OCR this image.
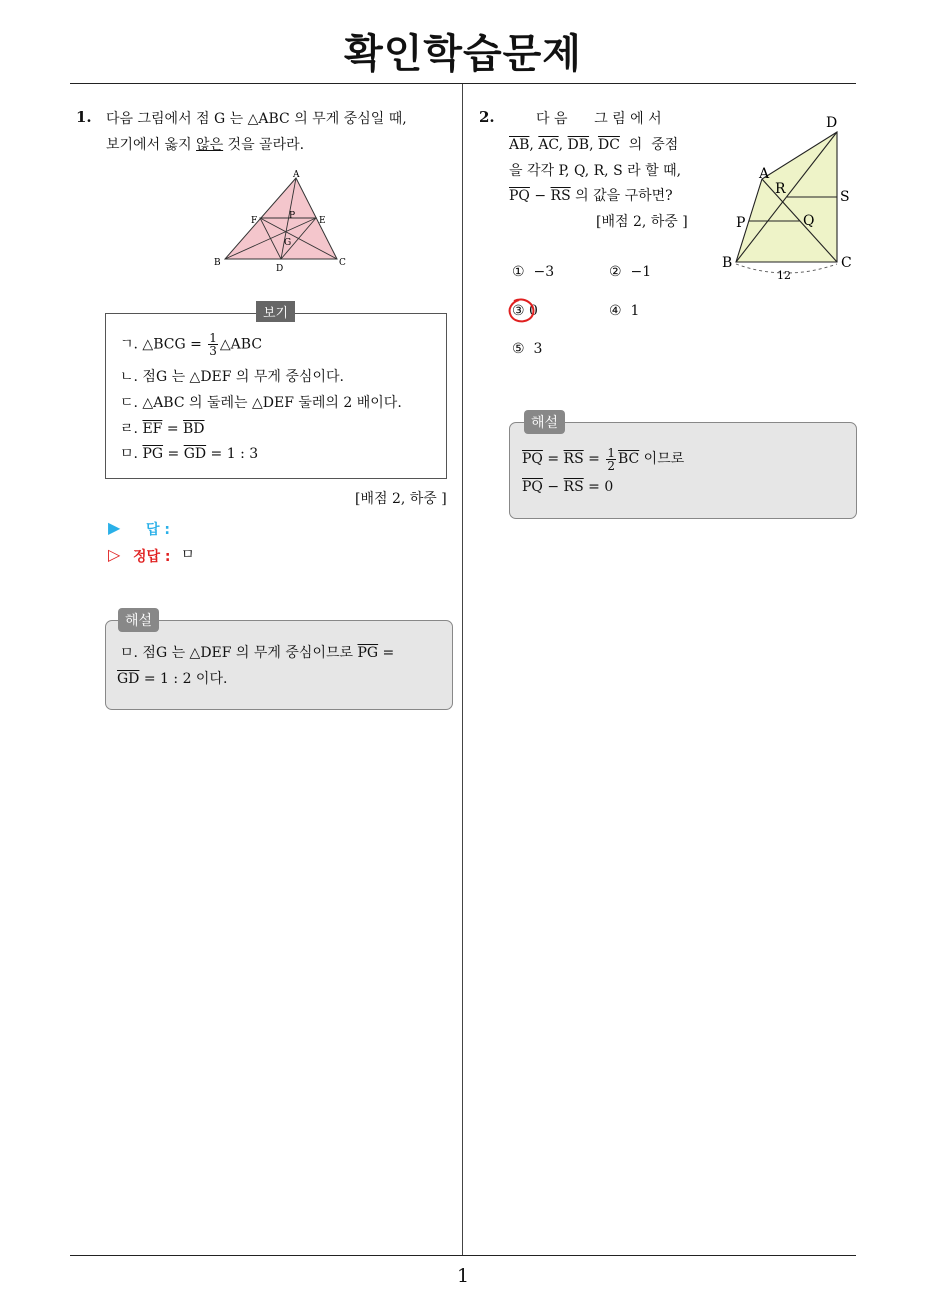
확인학습문제
1. 다음 그림에서 점 G 는 △ABC 의 무게 중심일 때,
보기에서 옳지 않은 것을 골라라.
A
B	C
D
E
F	P
G
보기
ㄱ. △BCG = $\frac{1}{3}$ △ABC
ㄴ. 점G 는 △DEF 의 무게 중심이다.
ㄷ. △ABC 의 둘레는 △DEF 둘레의 2 배이다.
ㄹ. $\overline{EF} = \overline{BD}$
ㅁ. $\overline{PG} = \overline{GD} = 1$ : 3
[배점 2, 하중 ]
▶ 답 :
▷ 정답 : ㅁ
해설
ㅁ. 점G 는 △DEF 의 무게 중심이므로 $\overline{PG}$ =
$\overline{GD} = 1$ : 2 이다.
2.	다 음      그 림 에 서
$\overline{AB}$, $\overline{AC}$, $\overline{DB}$, $\overline{DC}$  의  중점
을 각각 P, Q, R, S 라 할 때,
$\overline{PQ} - \overline{RS}$ 의 값을 구하면?
[배점 2, 하중 ]
D
A
R	S
P	Q
B	C
12
① −3	② −1
③ 0	④ 1
⑤ 3
해설
$\overline{PQ} = \overline{RS} = \frac{1}{2} \overline{BC}$ 이므로
$\overline{PQ} - \overline{RS} = 0$
1
